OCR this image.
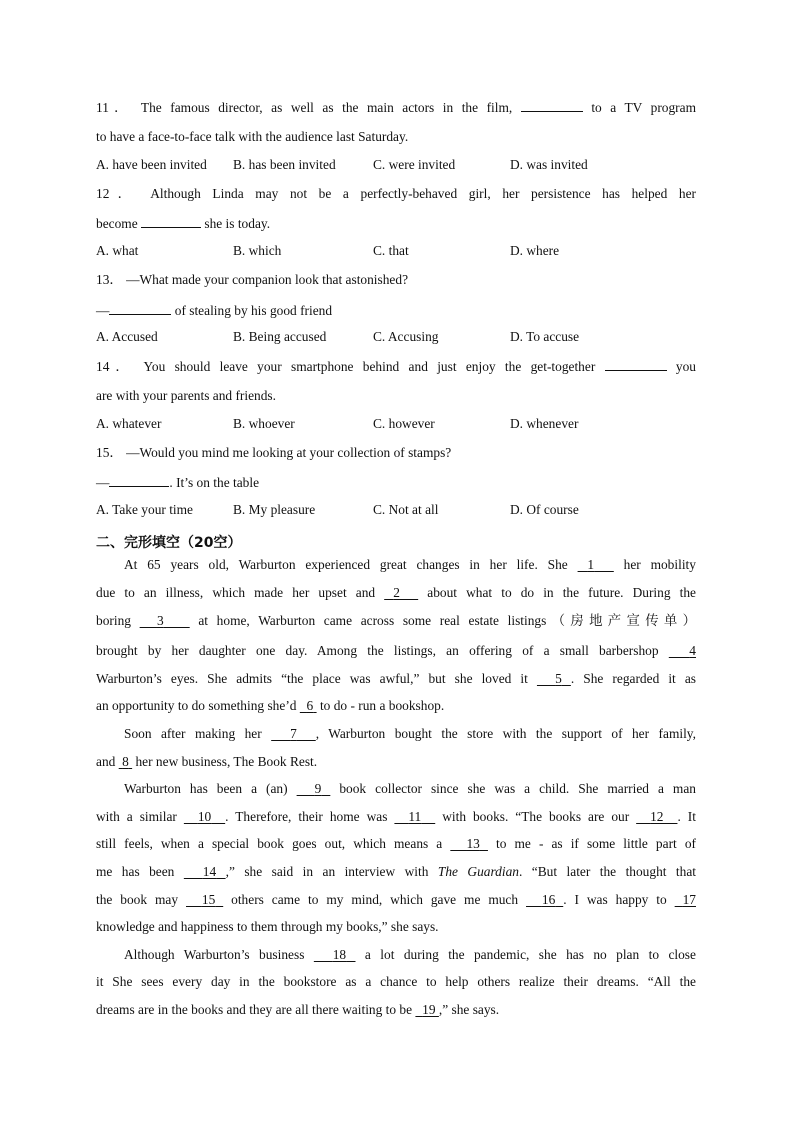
11． The famous director, as well as the main actors in the film,	to a TV program
to have a face-to-face talk with the audience last Saturday.
A. have been invited B. has been invited	C. were invited	D. was invited
12． Although Linda may not be a perfectly-behaved girl, her persistence has helped her
become	she is today.
A. what	B. which	C. that	D. where
13． —What made your companion look that astonished?
—	of stealing by his good friend
A. Accused	B. Being accused	C. Accusing	D. To accuse
14． You should leave your smartphone behind and just enjoy the get-together	you
are with your parents and friends.
A. whatever	B. whoever	C. however	D. whenever
15． —Would you mind me looking at your collection of stamps?
—	. It’s on the table
A. Take your time	B. My pleasure	C. Not at all	D. Of course
二、完形填空（20空）
At 65 years old, Warburton experienced great changes in her life. She 1 her mobility
due to an illness, which made her upset and 2 about what to do in the future. During the
boring 3	at home, Warburton came across some real estate listings（房地产宣传单）
brought by her daughter one day. Among the listings, an offering of a small barbershop 4
Warburton’s eyes. She admits “the place was awful,” but she loved it 5 . She regarded it as
an opportunity to do something she’d 6 to do - run a bookshop.
Soon after making her 7 , Warburton bought the store with the support of her family,
and 8 her new business, The Book Rest.
Warburton has been a (an) 9 book collector since she was a child. She married a man
with a similar 10 . Therefore, their home was 11 with books. “The books are our 12 . It
still feels, when a special book goes out, which means a 13 to me - as if some little part of
me has been 14 ,” she said in an interview with The Guardian. “But later the thought that
the book may 15 others came to my mind, which gave me much 16 . I was happy to 17
knowledge and happiness to them through my books,” she says.
Although Warburton’s business 18 a lot during the pandemic, she has no plan to close
it She sees every day in the bookstore as a chance to help others realize their dreams. “All the
dreams are in the books and they are all there waiting to be 19 ,” she says.
